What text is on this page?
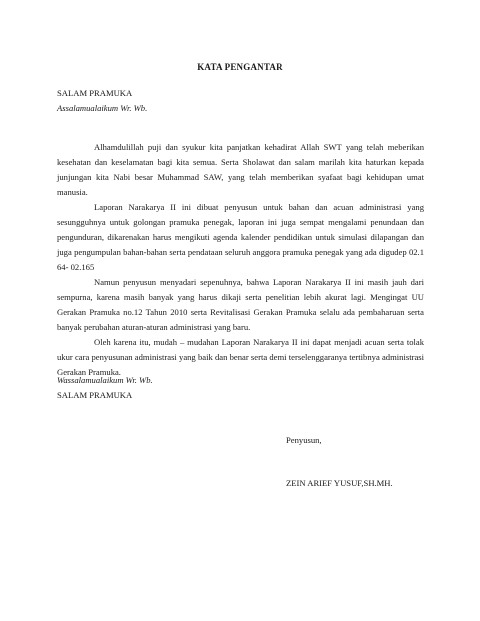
KATA PENGANTAR
SALAM PRAMUKA
Assalamualaikum Wr. Wb.

Alhamdulillah puji dan syukur kita panjatkan kehadirat Allah SWT yang telah meberikan kesehatan dan keselamatan bagi kita semua. Serta Sholawat dan salam marilah kita haturkan kepada junjungan kita Nabi besar Muhammad SAW, yang telah memberikan syafaat bagi kehidupan umat manusia.

Laporan Narakarya II ini dibuat penyusun untuk bahan dan acuan administrasi yang sesungguhnya untuk golongan pramuka penegak, laporan ini juga sempat mengalami penundaan dan pengunduran, dikarenakan harus mengikuti agenda kalender pendidikan untuk simulasi dilapangan dan juga pengumpulan bahan-bahan serta pendataan seluruh anggora pramuka penegak yang ada digudep 02.1 64- 02.165

Namun penyusun menyadari sepenuhnya, bahwa Laporan Narakarya II ini masih jauh dari sempurna, karena masih banyak yang harus dikaji serta penelitian lebih akurat lagi. Mengingat UU Gerakan Pramuka no.12 Tahun 2010 serta Revitalisasi Gerakan Pramuka selalu ada pembaharuan serta banyak perubahan aturan-aturan administrasi yang baru.

Oleh karena itu, mudah – mudahan Laporan Narakarya II ini dapat menjadi acuan serta tolak ukur cara penyusunan administrasi yang baik dan benar serta demi terselenggaranya tertibnya administrasi Gerakan Pramuka.

Wassalamualaikum Wr. Wb.
SALAM PRAMUKA
Penyusun,
ZEIN ARIEF YUSUF,SH.MH.
